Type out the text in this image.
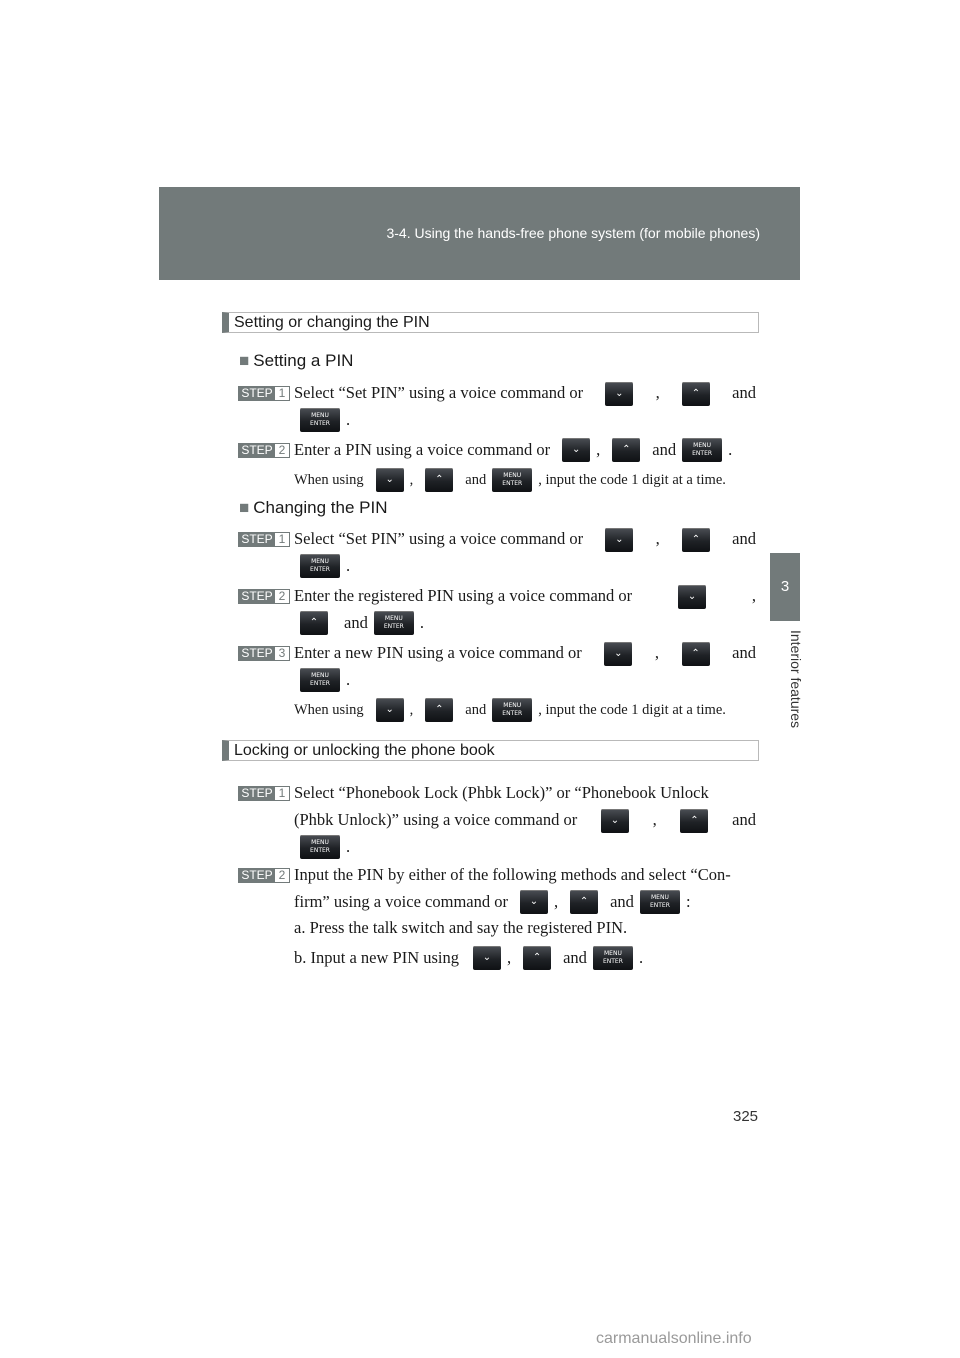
3-4. Using the hands-free phone system (for mobile phones)
3
Interior features
Setting or changing the PIN
■ Setting a PIN
STEP 1 Select “Set PIN” using a voice command or	⌄	,	⌃	and
MENU
ENTER .
STEP 2 Enter a PIN using a voice command or	⌄ ,	⌃	and	MENU
ENTER .
When using	⌄	,	⌃	and	MENU
ENTER	, input the code 1 digit at a time.
■ Changing the PIN
STEP 1 Select “Set PIN” using a voice command or	⌄	,	⌃	and
MENU
ENTER .
STEP 2 Enter the registered PIN using a voice command or	⌄	,
⌃	and	MENU
ENTER .
STEP 3 Enter a new PIN using a voice command or	⌄	,	⌃	and
MENU
ENTER .
When using	⌄	,	⌃	and	MENU
ENTER	, input the code 1 digit at a time.
Locking or unlocking the phone book
STEP 1 Select “Phonebook Lock (Phbk Lock)” or “Phonebook Unlock
(Phbk Unlock)” using a voice command or	⌄	,	⌃	and
MENU
ENTER .
STEP 2 Input the PIN by either of the following methods and select “Con-
firm” using a voice command or	⌄ ,	⌃	and	MENU
ENTER :
a. Press the talk switch and say the registered PIN.
b. Input a new PIN using	⌄ ,	⌃	and	MENU
ENTER .
325
carmanualsonline.info
